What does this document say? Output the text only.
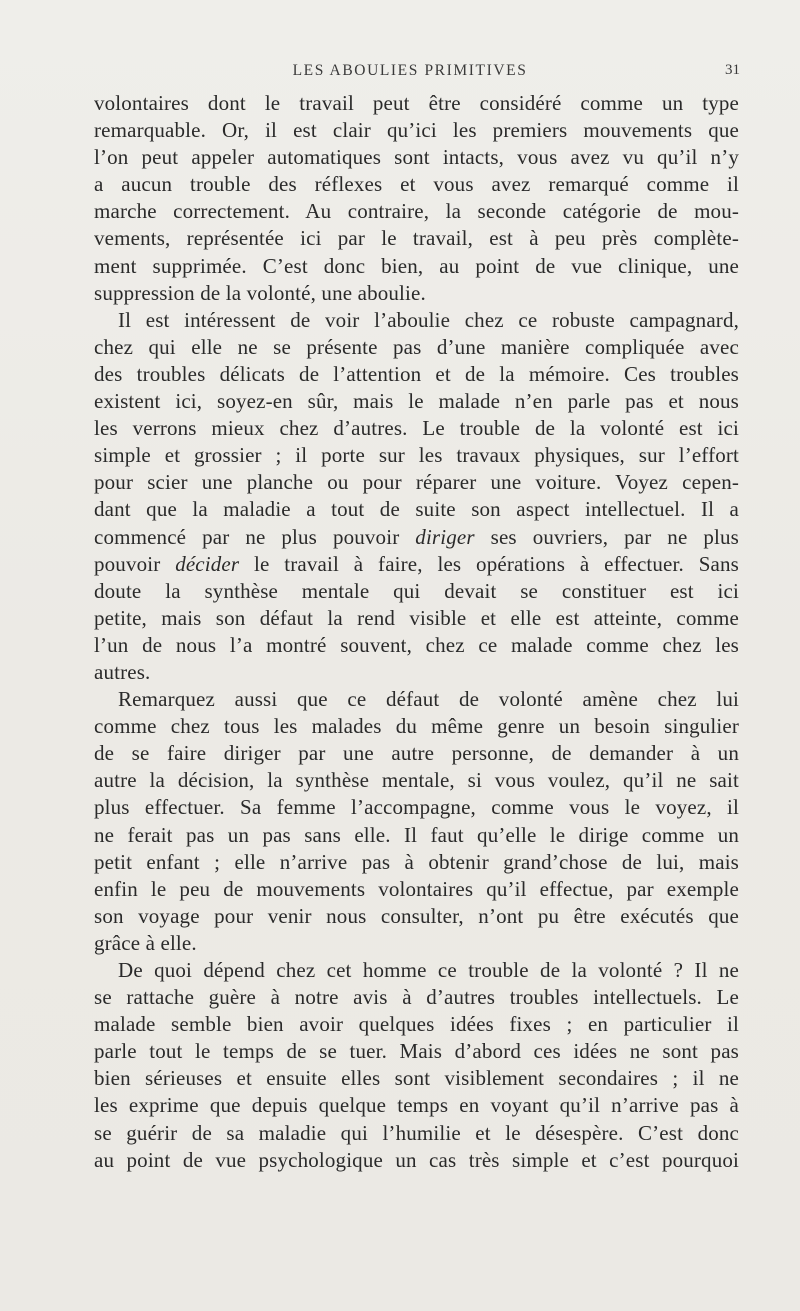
LES ABOULIES PRIMITIVES	31
volontaires dont le travail peut être considéré comme un type
remarquable. Or, il est clair qu’ici les premiers mouvements que
l’on peut appeler automatiques sont intacts, vous avez vu qu’il n’y
a aucun trouble des réflexes et vous avez remarqué comme il
marche correctement. Au contraire, la seconde catégorie de mou-
vements, représentée ici par le travail, est à peu près complète-
ment supprimée. C’est donc bien, au point de vue clinique, une
suppression de la volonté, une aboulie.
Il est intéressent de voir l’aboulie chez ce robuste campagnard,
chez qui elle ne se présente pas d’une manière compliquée avec
des troubles délicats de l’attention et de la mémoire. Ces troubles
existent ici, soyez-en sûr, mais le malade n’en parle pas et nous
les verrons mieux chez d’autres. Le trouble de la volonté est ici
simple et grossier ; il porte sur les travaux physiques, sur l’effort
pour scier une planche ou pour réparer une voiture. Voyez cepen-
dant que la maladie a tout de suite son aspect intellectuel. Il a
commencé par ne plus pouvoir diriger ses ouvriers, par ne plus
pouvoir décider le travail à faire, les opérations à effectuer. Sans
doute la synthèse mentale qui devait se constituer est ici
petite, mais son défaut la rend visible et elle est atteinte, comme
l’un de nous l’a montré souvent, chez ce malade comme chez les
autres.
Remarquez aussi que ce défaut de volonté amène chez lui
comme chez tous les malades du même genre un besoin singulier
de se faire diriger par une autre personne, de demander à un
autre la décision, la synthèse mentale, si vous voulez, qu’il ne sait
plus effectuer. Sa femme l’accompagne, comme vous le voyez, il
ne ferait pas un pas sans elle. Il faut qu’elle le dirige comme un
petit enfant ; elle n’arrive pas à obtenir grand’chose de lui, mais
enfin le peu de mouvements volontaires qu’il effectue, par exemple
son voyage pour venir nous consulter, n’ont pu être exécutés que
grâce à elle.
De quoi dépend chez cet homme ce trouble de la volonté ? Il ne
se rattache guère à notre avis à d’autres troubles intellectuels. Le
malade semble bien avoir quelques idées fixes ; en particulier il
parle tout le temps de se tuer. Mais d’abord ces idées ne sont pas
bien sérieuses et ensuite elles sont visiblement secondaires ; il ne
les exprime que depuis quelque temps en voyant qu’il n’arrive pas à
se guérir de sa maladie qui l’humilie et le désespère. C’est donc
au point de vue psychologique un cas très simple et c’est pourquoi
